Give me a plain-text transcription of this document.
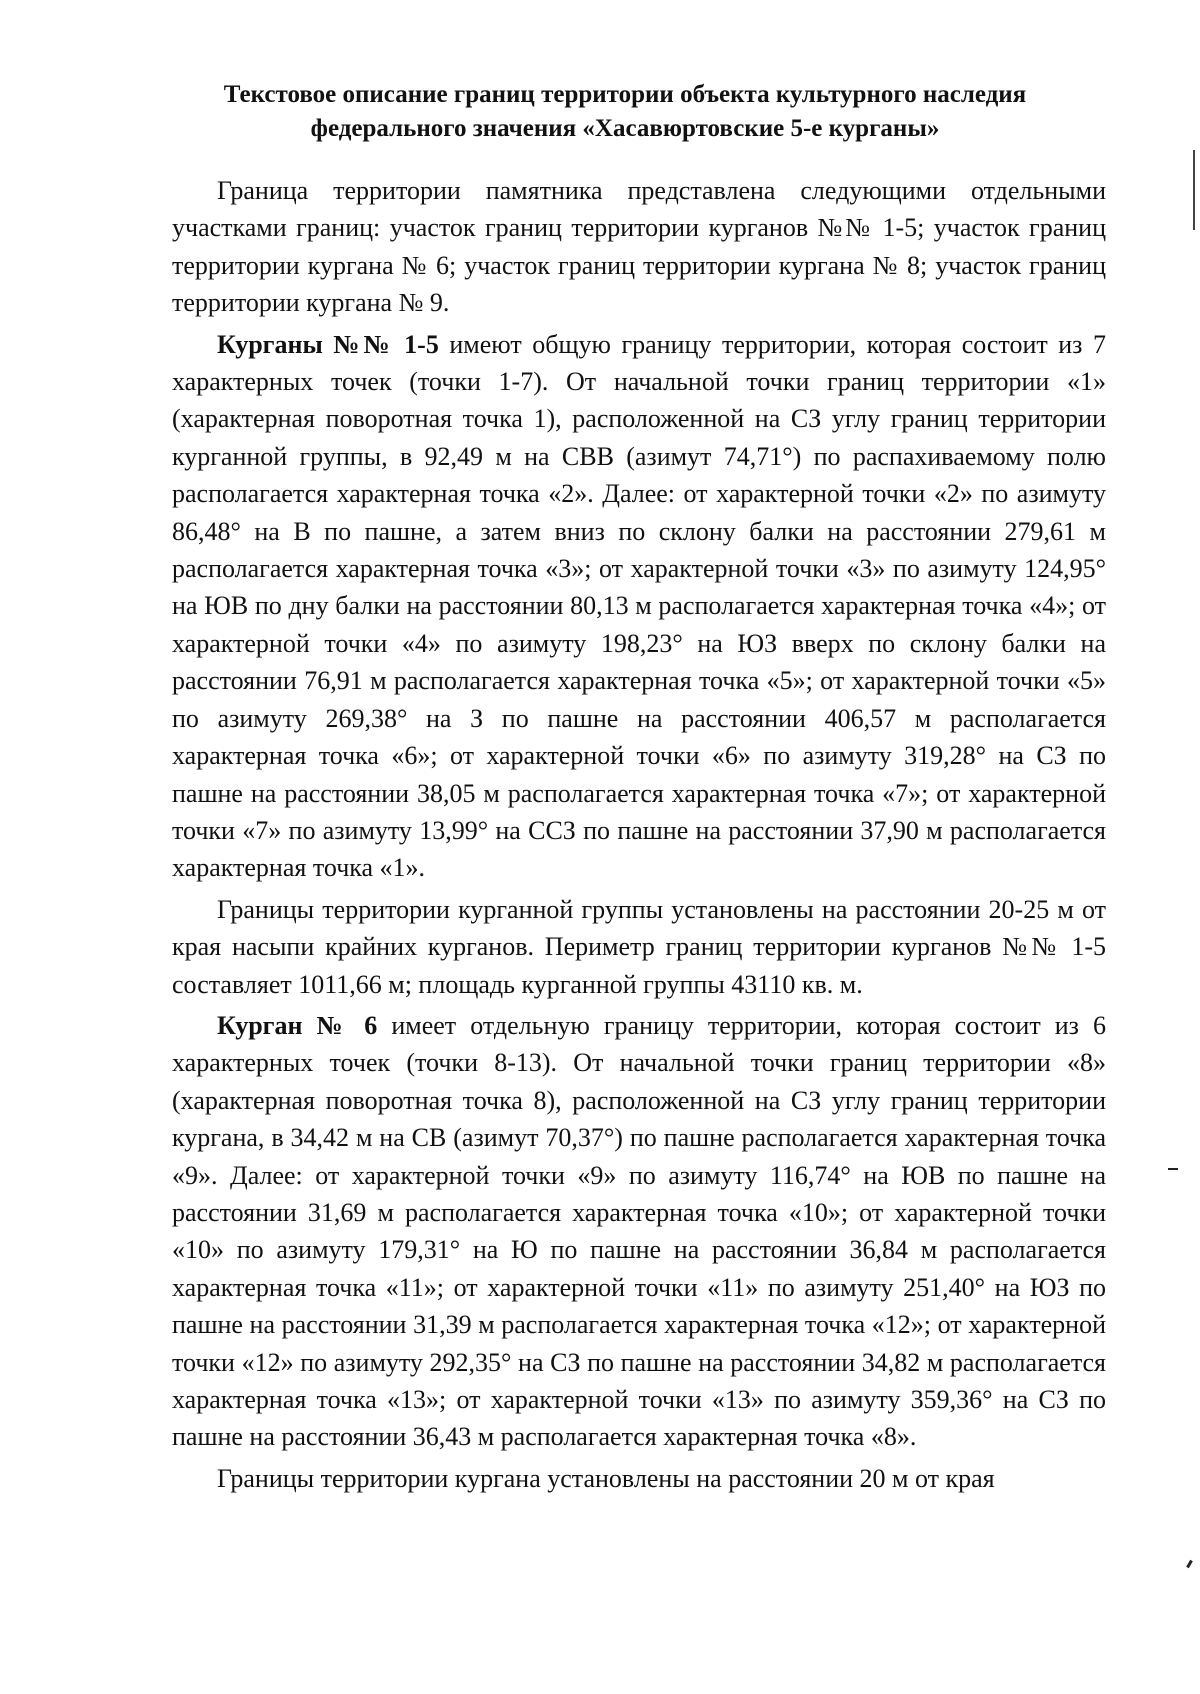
Текстовое описание границ территории объекта культурного наследия
федерального значения «Хасавюртовские 5-е курганы»

Граница территории памятника представлена следующими отдельными участками границ: участок границ территории курганов №№ 1-5; участок границ территории кургана № 6; участок границ территории кургана № 8; участок границ территории кургана № 9.

Курганы №№ 1-5 имеют общую границу территории, которая состоит из 7 характерных точек (точки 1-7). От начальной точки границ территории «1» (характерная поворотная точка 1), расположенной на СЗ углу границ территории курганной группы, в 92,49 м на СВВ (азимут 74,71°) по распахиваемому полю располагается характерная точка «2». Далее: от характерной точки «2» по азимуту 86,48° на В по пашне, а затем вниз по склону балки на расстоянии 279,61 м располагается характерная точка «3»; от характерной точки «3» по азимуту 124,95° на ЮВ по дну балки на расстоянии 80,13 м располагается характерная точка «4»; от характерной точки «4» по азимуту 198,23° на ЮЗ вверх по склону балки на расстоянии 76,91 м располагается характерная точка «5»; от характерной точки «5» по азимуту 269,38° на З по пашне на расстоянии 406,57 м располагается характерная точка «6»; от характерной точки «6» по азимуту 319,28° на СЗ по пашне на расстоянии 38,05 м располагается характерная точка «7»; от характерной точки «7» по азимуту 13,99° на ССЗ по пашне на расстоянии 37,90 м располагается характерная точка «1».

Границы территории курганной группы установлены на расстоянии 20-25 м от края насыпи крайних курганов. Периметр границ территории курганов №№ 1-5 составляет 1011,66 м; площадь курганной группы 43110 кв. м.

Курган № 6 имеет отдельную границу территории, которая состоит из 6 характерных точек (точки 8-13). От начальной точки границ территории «8» (характерная поворотная точка 8), расположенной на СЗ углу границ территории кургана, в 34,42 м на СВ (азимут 70,37°) по пашне располагается характерная точка «9». Далее: от характерной точки «9» по азимуту 116,74° на ЮВ по пашне на расстоянии 31,69 м располагается характерная точка «10»; от характерной точки «10» по азимуту 179,31° на Ю по пашне на расстоянии 36,84 м располагается характерная точка «11»; от характерной точки «11» по азимуту 251,40° на ЮЗ по пашне на расстоянии 31,39 м располагается характерная точка «12»; от характерной точки «12» по азимуту 292,35° на СЗ по пашне на расстоянии 34,82 м располагается характерная точка «13»; от характерной точки «13» по азимуту 359,36° на СЗ по пашне на расстоянии 36,43 м располагается характерная точка «8».

Границы территории кургана установлены на расстоянии 20 м от края
